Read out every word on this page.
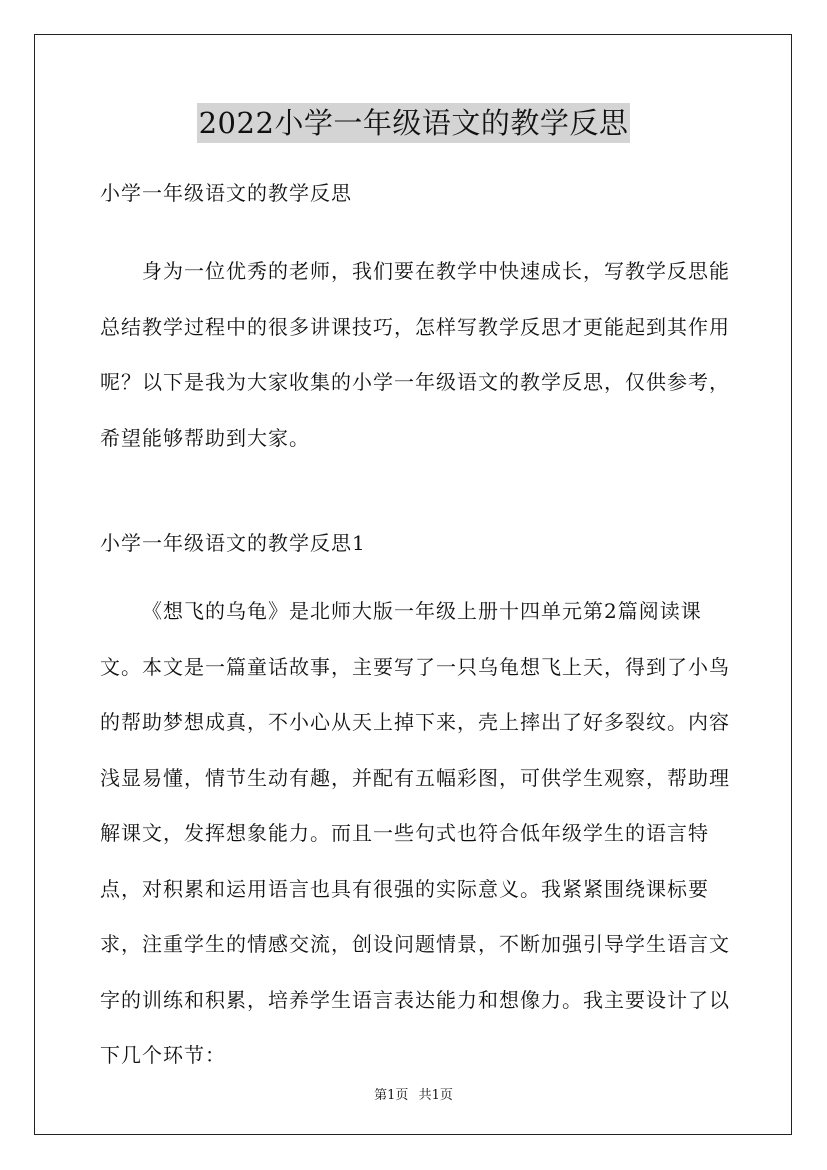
2022小学一年级语文的教学反思

小学一年级语文的教学反思

身为一位优秀的老师，我们要在教学中快速成长，写教学反思能总结教学过程中的很多讲课技巧，怎样写教学反思才更能起到其作用呢？以下是我为大家收集的小学一年级语文的教学反思，仅供参考，希望能够帮助到大家。

小学一年级语文的教学反思1

《想飞的乌龟》是北师大版一年级上册十四单元第2篇阅读课文。本文是一篇童话故事，主要写了一只乌龟想飞上天，得到了小鸟的帮助梦想成真，不小心从天上掉下来，壳上摔出了好多裂纹。内容浅显易懂，情节生动有趣，并配有五幅彩图，可供学生观察，帮助理解课文，发挥想象能力。而且一些句式也符合低年级学生的语言特点，对积累和运用语言也具有很强的实际意义。我紧紧围绕课标要求，注重学生的情感交流，创设问题情景，不断加强引导学生语言文字的训练和积累，培养学生语言表达能力和想像力。我主要设计了以下几个环节：

第1页 共1页
